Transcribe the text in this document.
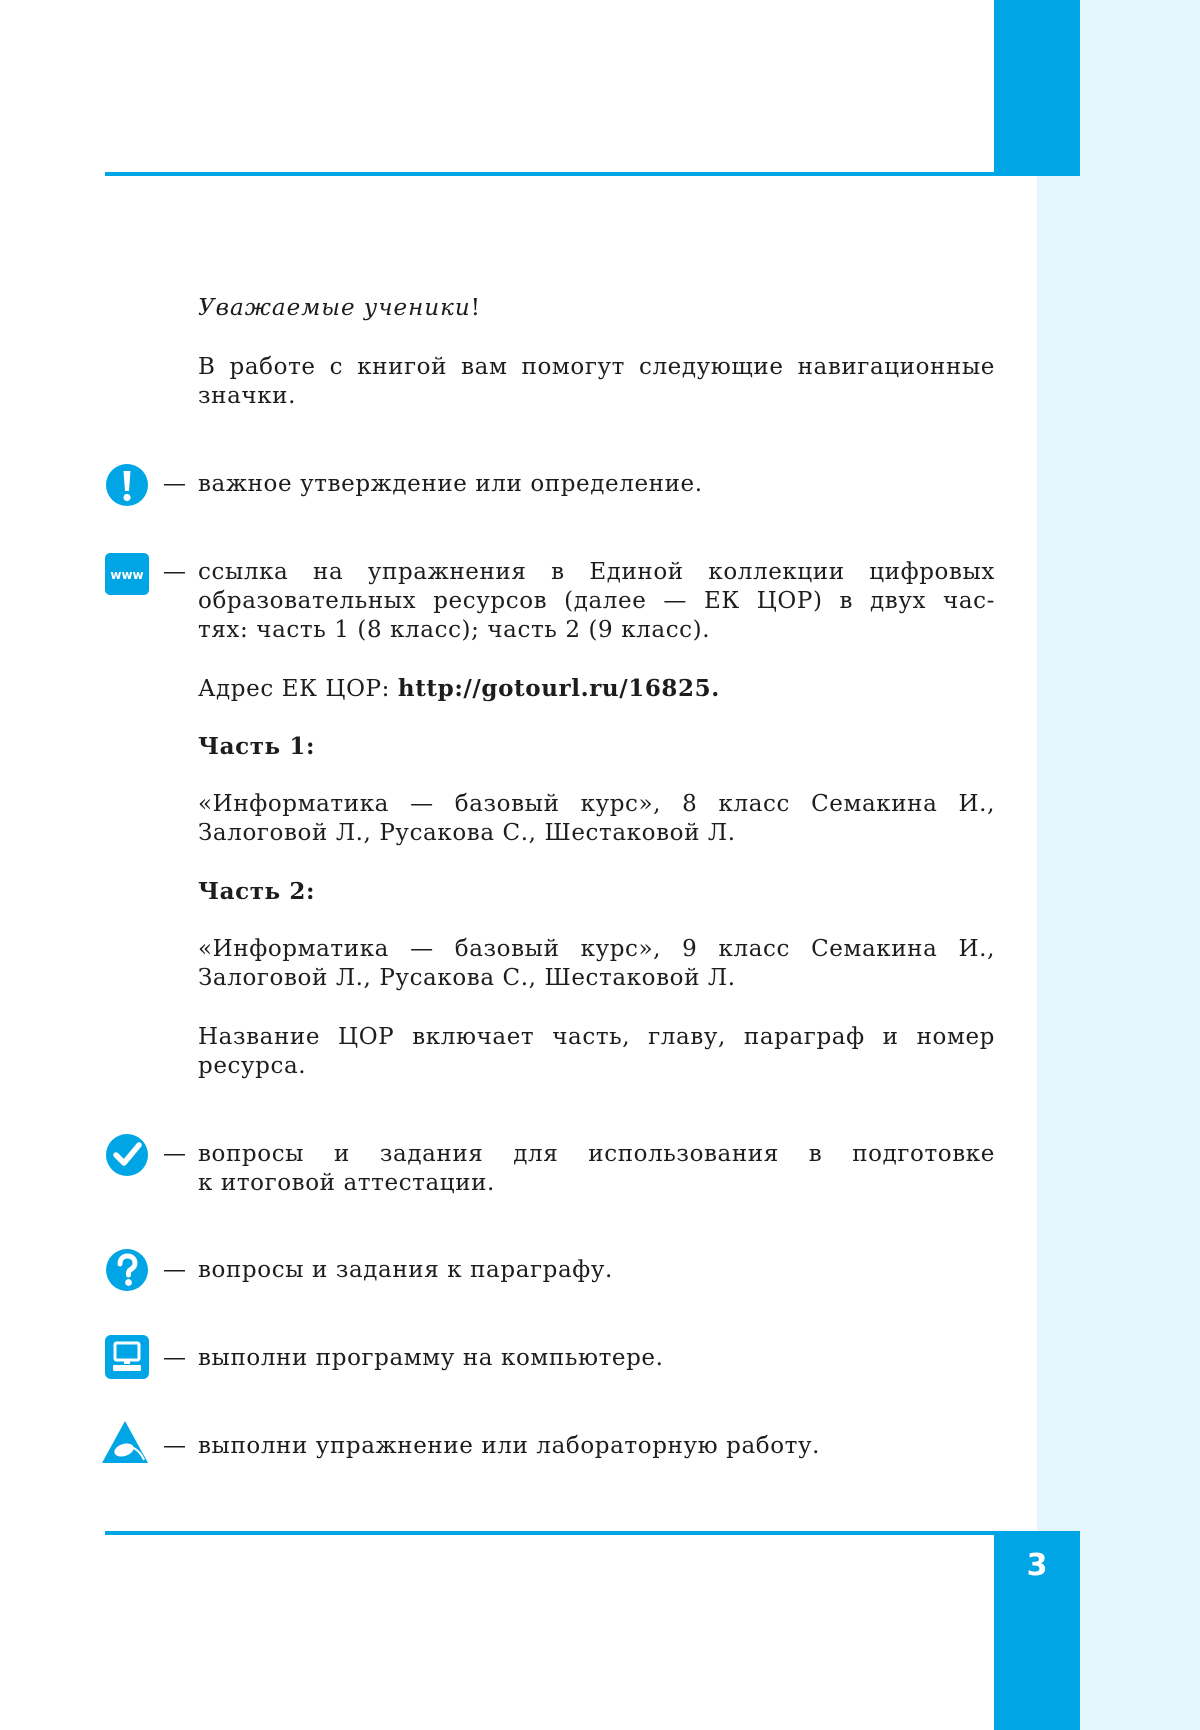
3
Уважаемые ученики!
В работе с книгой вам помогут следующие навигационные
значки.
— важное утверждение или определение.
www — ссылка на упражнения в Единой коллекции цифровых
образовательных ресурсов (далее — ЕК ЦОР) в двух час-
тях: часть 1 (8 класс); часть 2 (9 класс).
Адрес ЕК ЦОР: http://gotourl.ru/16825.
Часть 1:
«Информатика — базовый курс», 8 класс Семакина И.,
Залоговой Л., Русакова С., Шестаковой Л.
Часть 2:
«Информатика — базовый курс», 9 класс Семакина И.,
Залоговой Л., Русакова С., Шестаковой Л.
Название ЦОР включает часть, главу, параграф и номер
ресурса.
— вопросы и задания для использования в подготовке
к итоговой аттестации.
— вопросы и задания к параграфу.
— выполни программу на компьютере.
— выполни упражнение или лабораторную работу.
